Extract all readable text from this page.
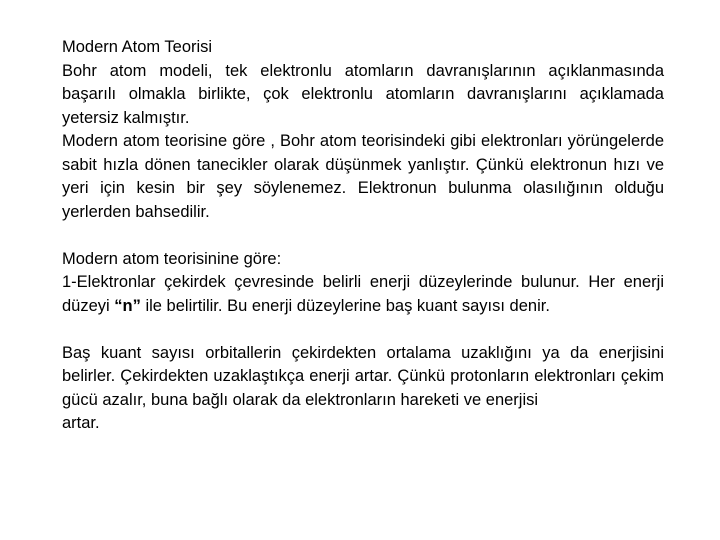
Modern Atom Teorisi
Bohr atom modeli, tek elektronlu atomların davranışlarının açıklanmasında başarılı olmakla birlikte, çok elektronlu atomların davranışlarını açıklamada yetersiz kalmıştır.
Modern atom teorisine göre , Bohr atom teorisindeki gibi elektronları yörüngelerde sabit hızla dönen tanecikler olarak düşünmek yanlıştır. Çünkü elektronun hızı ve yeri için kesin bir şey söylenemez. Elektronun bulunma olasılığının olduğu yerlerden bahsedilir.
Modern atom teorisinine göre:
1-Elektronlar çekirdek çevresinde belirli enerji düzeylerinde bulunur. Her enerji düzeyi “n” ile belirtilir. Bu enerji düzeylerine baş kuant sayısı denir.
Baş kuant sayısı orbitallerin çekirdekten ortalama uzaklığını ya da enerjisini belirler. Çekirdekten uzaklaştıkça enerji artar. Çünkü protonların elektronları çekim gücü azalır, buna bağlı olarak da elektronların hareketi ve enerjisi
artar.
